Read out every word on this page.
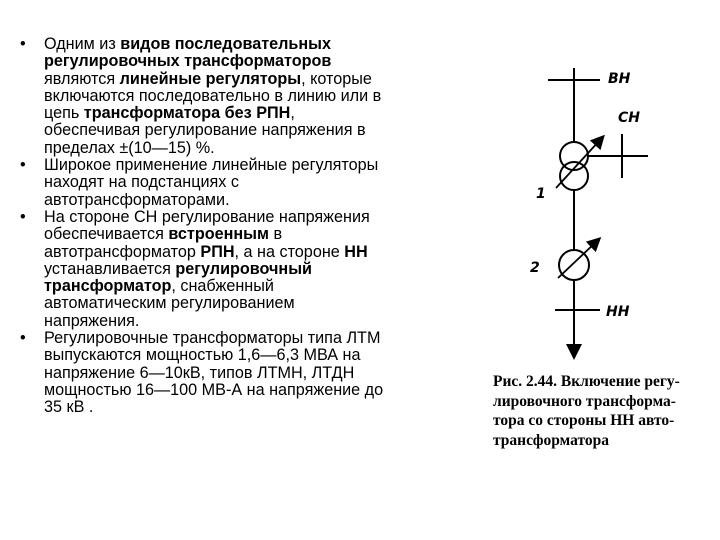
• Одним из видов последовательных
регулировочных трансформаторов
являются линейные регуляторы, которые
включаются последовательно в линию или в
цепь трансформатора без РПН,
обеспечивая регулирование напряжения в
пределах ±(10—15) %.
• Широкое применение линейные регуляторы
находят на подстанциях с
автотрансформаторами.
• На стороне СН регулирование напряжения
обеспечивается встроенным в
автотрансформатор РПН, а на стороне НН
устанавливается регулировочный
трансформатор, снабженный
автоматическим регулированием
напряжения.
• Регулировочные трансформаторы типа ЛТМ
выпускаются мощностью 1,6—6,3 МВА на
напряжение 6—10кВ, типов ЛТМН, ЛТДН
мощностью 16—100 МВ-А на напряжение до
35 кВ .
ВН
СН
1
2
НН
Рис. 2.44. Включение регу-
лировочного трансформа-
тора со стороны НН авто-
трансформатора
